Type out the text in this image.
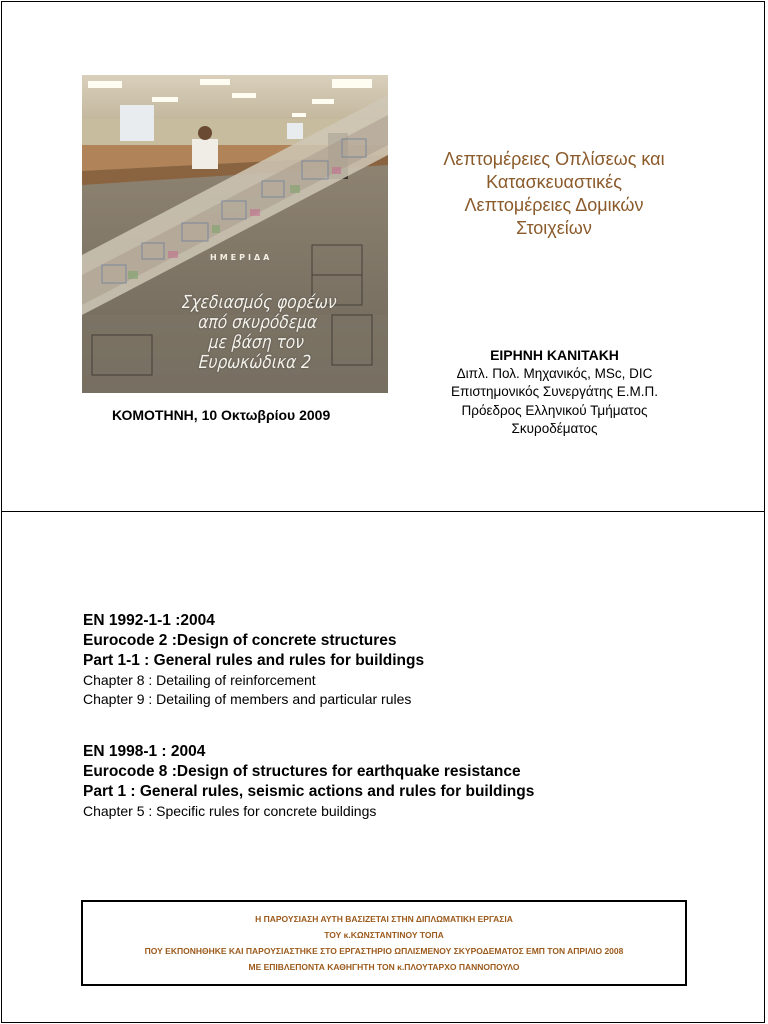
ΗΜΕΡΙΔΑ
Σχεδιασμός φορέων
από σκυρόδεμα
με βάση τον
Ευρωκώδικα 2
ΚΟΜΟΤΗΝΗ, 10 Οκτωβρίου 2009
Λεπτομέρειες Οπλίσεως και
Κατασκευαστικές
Λεπτομέρειες Δομικών
Στοιχείων
ΕΙΡΗΝΗ ΚΑΝΙΤΑΚΗ
Διπλ. Πολ. Μηχανικός, MSc, DIC
Επιστημονικός Συνεργάτης Ε.Μ.Π.
Πρόεδρος Ελληνικού Τμήματος
Σκυροδέματος
EN 1992-1-1 :2004
Eurocode 2 :Design of concrete structures
Part 1-1 : General rules and rules for buildings
Chapter 8 : Detailing of reinforcement
Chapter 9 : Detailing of members and particular rules
EN 1998-1 : 2004
Eurocode 8 :Design of structures for earthquake resistance
Part 1 : General rules, seismic actions and rules for buildings
Chapter 5 : Specific rules for concrete buildings
Η ΠΑΡΟΥΣΙΑΣΗ ΑΥΤΗ ΒΑΣΙΖΕΤΑΙ ΣΤΗΝ ΔΙΠΛΩΜΑΤΙΚΗ ΕΡΓΑΣΙΑ
ΤΟΥ κ.ΚΩΝΣΤΑΝΤΙΝΟΥ ΤΟΠΑ
ΠΟΥ ΕΚΠΟΝΗΘΗΚΕ ΚΑΙ ΠΑΡΟΥΣΙΑΣΤΗΚΕ ΣΤΟ ΕΡΓΑΣΤΗΡΙΟ ΩΠΛΙΣΜΕΝΟΥ ΣΚΥΡΟΔΕΜΑΤΟΣ ΕΜΠ ΤΟΝ ΑΠΡΙΛΙΟ 2008
ΜΕ ΕΠΙΒΛΕΠΟΝΤΑ ΚΑΘΗΓΗΤΗ ΤΟΝ κ.ΠΛΟΥΤΑΡΧΟ ΠΑΝΝΟΠΟΥΛΟ
